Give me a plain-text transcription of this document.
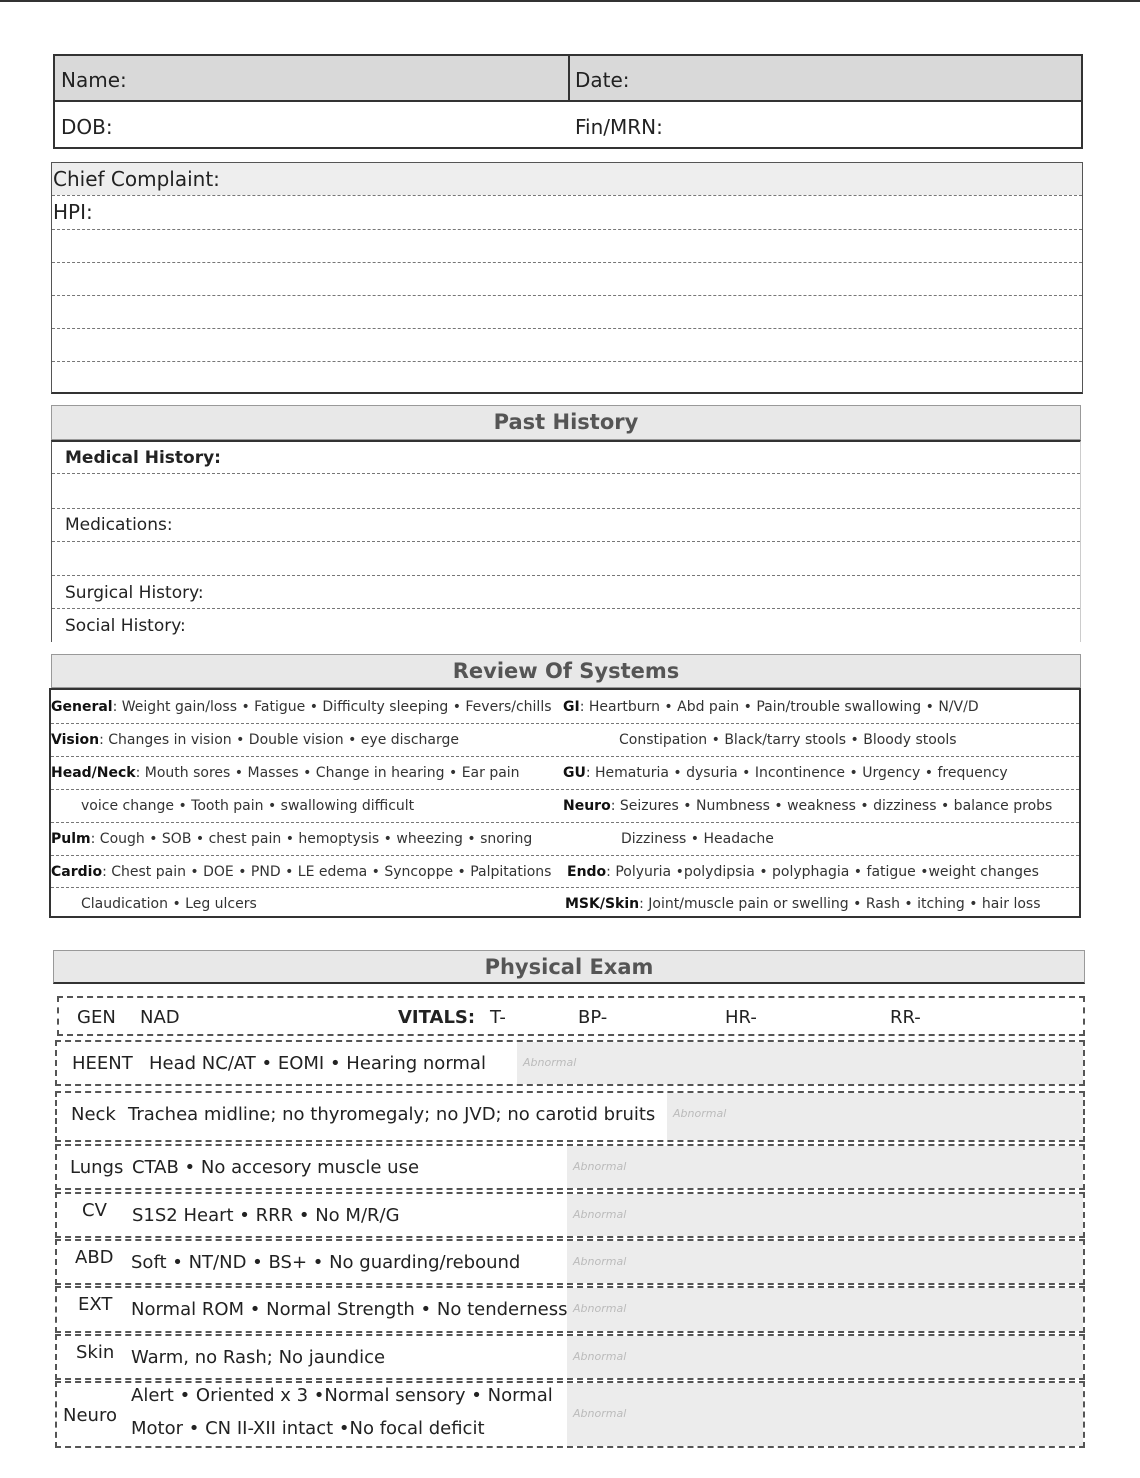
Name:	Date:
DOB:	Fin/MRN:
Chief Complaint:
HPI:
Past History
Medical History:
Medications:
Surgical History:
Social History:
Review Of Systems
General: Weight gain/loss • Fatigue • Difficulty sleeping • Fevers/chills GI: Heartburn • Abd pain • Pain/trouble swallowing • N/V/D
Vision: Changes in vision • Double vision • eye discharge	Constipation • Black/tarry stools • Bloody stools
Head/Neck: Mouth sores • Masses • Change in hearing • Ear pain	GU: Hematuria • dysuria • Incontinence • Urgency • frequency
voice change • Tooth pain • swallowing difficult	Neuro: Seizures • Numbness • weakness • dizziness • balance probs
Pulm: Cough • SOB • chest pain • hemoptysis • wheezing • snoring	Dizziness • Headache
Cardio: Chest pain • DOE • PND • LE edema • Syncoppe • Palpitations Endo: Polyuria •polydipsia • polyphagia • fatigue •weight changes
Claudication • Leg ulcers	MSK/Skin: Joint/muscle pain or swelling • Rash • itching • hair loss
Physical Exam
GEN NAD	VITALS: T-	BP-	HR-	RR-
Abnormal
HEENT Head NC/AT • EOMI • Hearing normal
Abnormal
Neck Trachea midline; no thyromegaly; no JVD; no carotid bruits
Abnormal
Lungs CTAB • No accesory muscle use
Abnormal
CV S1S2 Heart • RRR • No M/R/G
Abnormal
ABD Soft • NT/ND • BS+ • No guarding/rebound
Abnormal
EXT Normal ROM • Normal Strength • No tenderness
Abnormal
Skin Warm, no Rash; No jaundice
Abnormal
Neuro
Alert • Oriented x 3 •Normal sensory • Normal
Motor • CN II-XII intact •No focal deficit
